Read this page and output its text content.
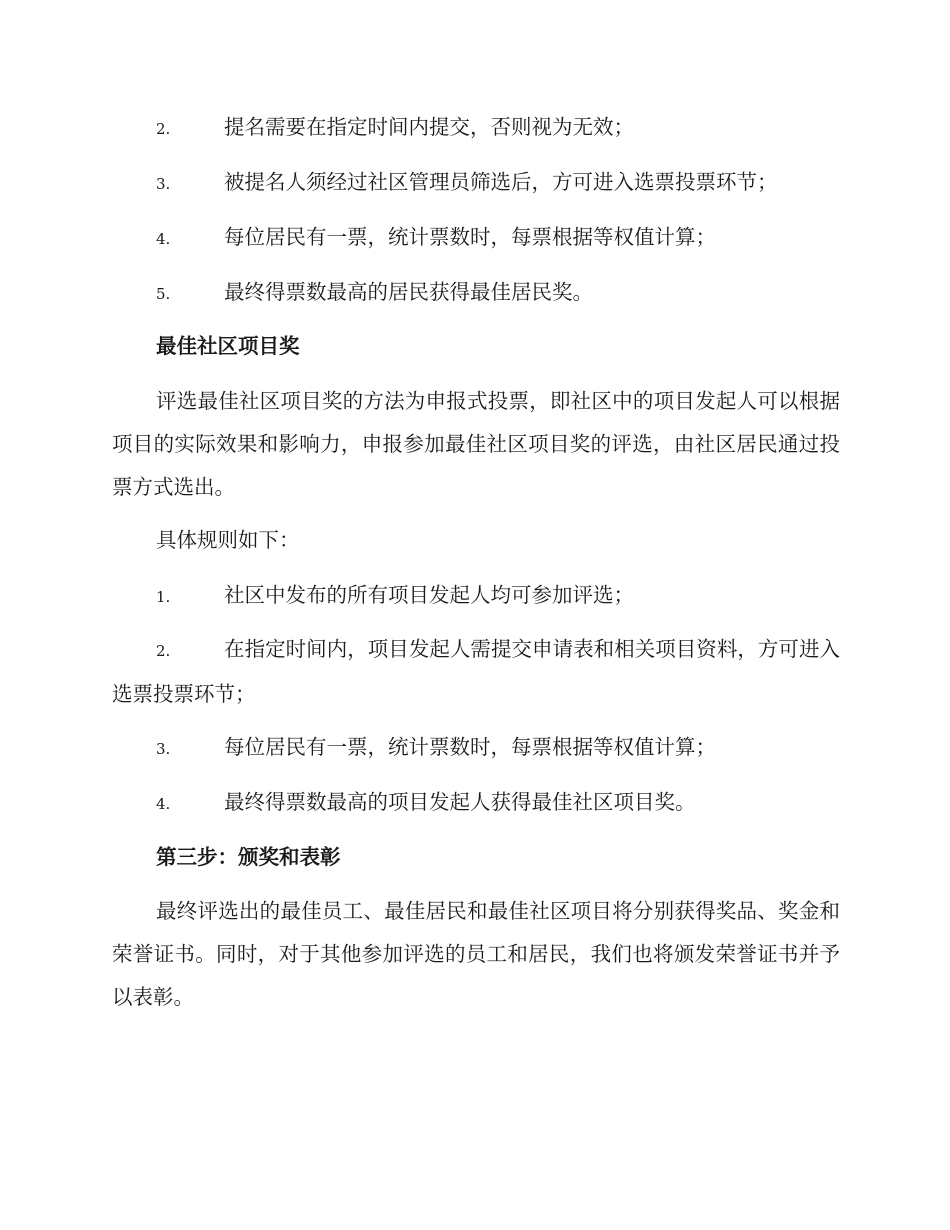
2.	提名需要在指定时间内提交，否则视为无效；

3.	被提名人须经过社区管理员筛选后，方可进入选票投票环节；

4.	每位居民有一票，统计票数时，每票根据等权值计算；

5.	最终得票数最高的居民获得最佳居民奖。

最佳社区项目奖

评选最佳社区项目奖的方法为申报式投票，即社区中的项目发起人可以根据项目的实际效果和影响力，申报参加最佳社区项目奖的评选，由社区居民通过投票方式选出。

具体规则如下：

1.	社区中发布的所有项目发起人均可参加评选；

2.	在指定时间内，项目发起人需提交申请表和相关项目资料，方可进入选票投票环节；

3.	每位居民有一票，统计票数时，每票根据等权值计算；

4.	最终得票数最高的项目发起人获得最佳社区项目奖。

第三步：颁奖和表彰

最终评选出的最佳员工、最佳居民和最佳社区项目将分别获得奖品、奖金和荣誉证书。同时，对于其他参加评选的员工和居民，我们也将颁发荣誉证书并予以表彰。
